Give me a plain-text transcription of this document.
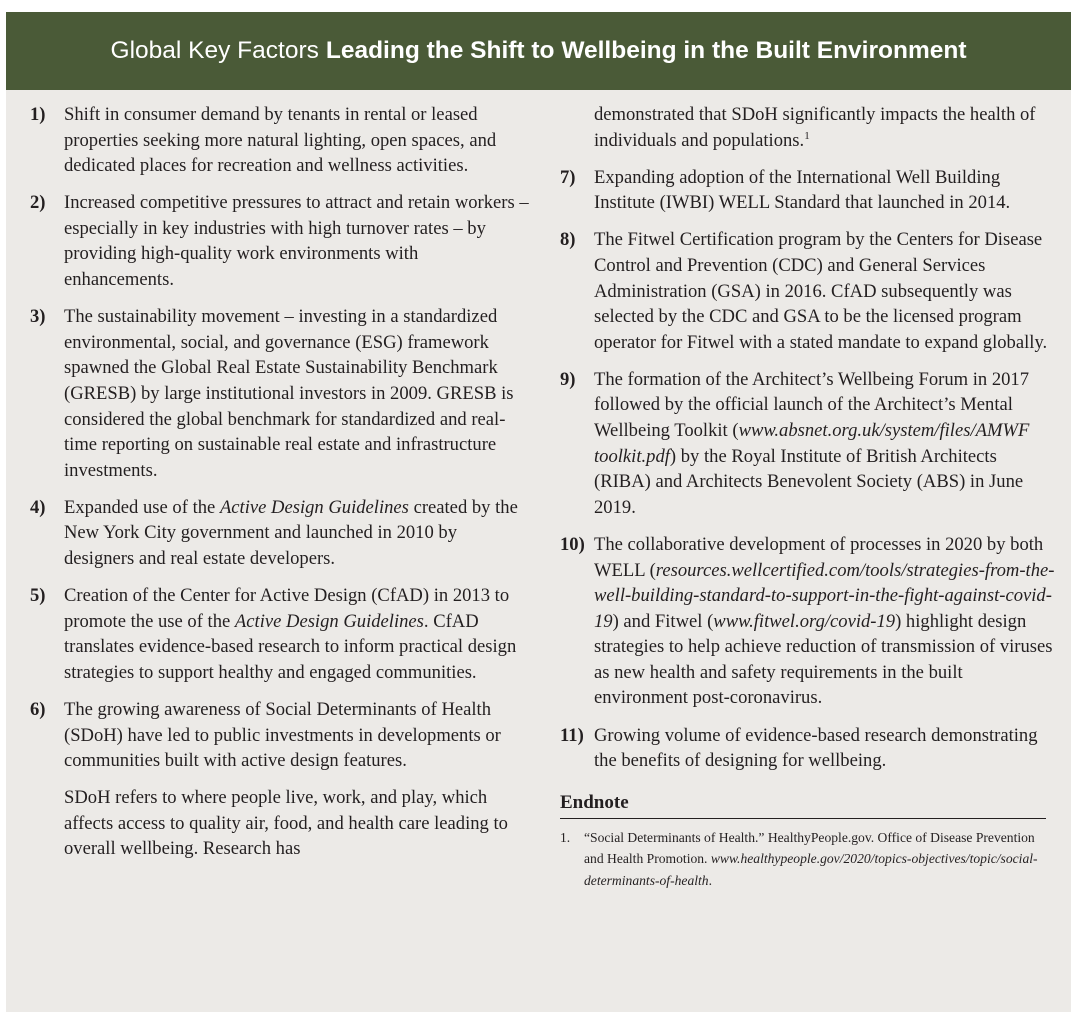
Global Key Factors Leading the Shift to Wellbeing in the Built Environment
1) Shift in consumer demand by tenants in rental or leased properties seeking more natural lighting, open spaces, and dedicated places for recreation and wellness activities.
2) Increased competitive pressures to attract and retain workers – especially in key industries with high turnover rates – by providing high-quality work environments with enhancements.
3) The sustainability movement – investing in a standardized environmental, social, and governance (ESG) framework spawned the Global Real Estate Sustainability Benchmark (GRESB) by large institutional investors in 2009. GRESB is considered the global benchmark for standardized and real-time reporting on sustainable real estate and infrastructure investments.
4) Expanded use of the Active Design Guidelines created by the New York City government and launched in 2010 by designers and real estate developers.
5) Creation of the Center for Active Design (CfAD) in 2013 to promote the use of the Active Design Guidelines. CfAD translates evidence-based research to inform practical design strategies to support healthy and engaged communities.
6) The growing awareness of Social Determinants of Health (SDoH) have led to public investments in developments or communities built with active design features.
SDoH refers to where people live, work, and play, which affects access to quality air, food, and health care leading to overall wellbeing. Research has
demonstrated that SDoH significantly impacts the health of individuals and populations.$^1$
7) Expanding adoption of the International Well Building Institute (IWBI) WELL Standard that launched in 2014.
8) The Fitwel Certification program by the Centers for Disease Control and Prevention (CDC) and General Services Administration (GSA) in 2016. CfAD subsequently was selected by the CDC and GSA to be the licensed program operator for Fitwel with a stated mandate to expand globally.
9) The formation of the Architect’s Wellbeing Forum in 2017 followed by the official launch of the Architect’s Mental Wellbeing Toolkit (www.absnet.org.uk/system/files/AMWF toolkit.pdf) by the Royal Institute of British Architects (RIBA) and Architects Benevolent Society (ABS) in June 2019.
10) The collaborative development of processes in 2020 by both WELL (resources.wellcertified.com/tools/strategies-from-the-well-building-standard-to-support-in-the-fight-against-covid-19) and Fitwel (www.fitwel.org/covid-19) highlight design strategies to help achieve reduction of transmission of viruses as new health and safety requirements in the built environment post-coronavirus.
11) Growing volume of evidence-based research demonstrating the benefits of designing for wellbeing.
Endnote
1. “Social Determinants of Health.” HealthyPeople.gov. Office of Disease Prevention and Health Promotion. www.healthypeople.gov/2020/topics-objectives/topic/social-determinants-of-health.
